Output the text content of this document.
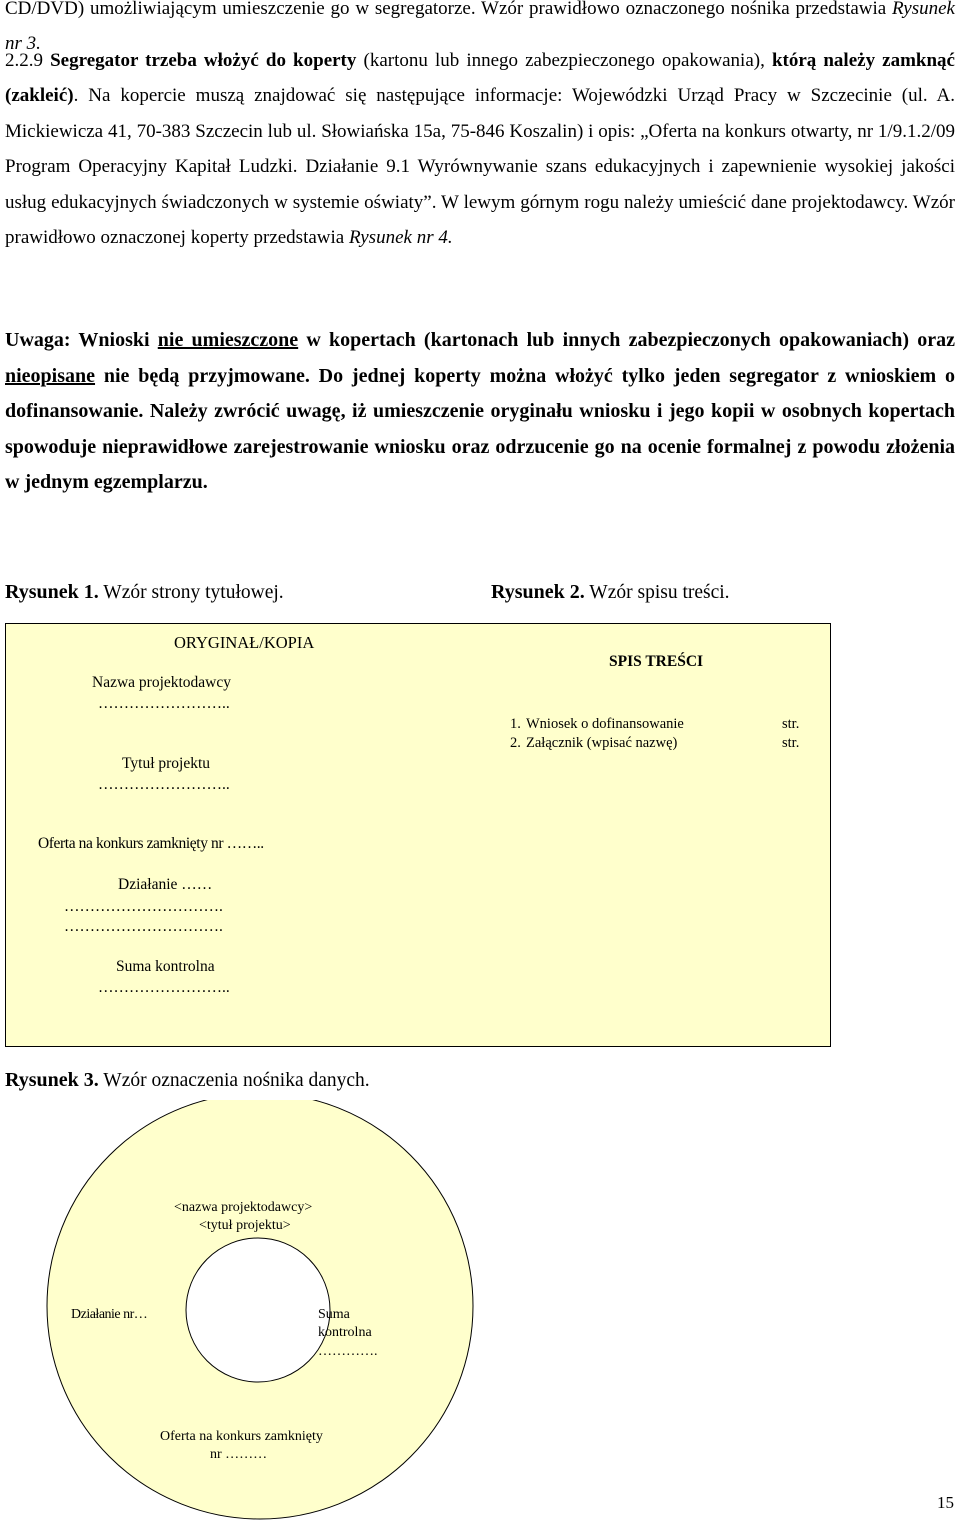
CD/DVD) umożliwiającym umieszczenie go w segregatorze. Wzór prawidłowo oznaczonego nośnika przedstawia Rysunek nr 3.
2.2.9 Segregator trzeba włożyć do koperty (kartonu lub innego zabezpieczonego opakowania), którą należy zamknąć (zakleić). Na kopercie muszą znajdować się następujące informacje: Wojewódzki Urząd Pracy w Szczecinie (ul. A. Mickiewicza 41, 70-383 Szczecin lub ul. Słowiańska 15a, 75-846 Koszalin) i opis: „Oferta na konkurs otwarty, nr 1/9.1.2/09 Program Operacyjny Kapitał Ludzki. Działanie 9.1 Wyrównywanie szans edukacyjnych i zapewnienie wysokiej jakości usług edukacyjnych świadczonych w systemie oświaty”. W lewym górnym rogu należy umieścić dane projektodawcy. Wzór prawidłowo oznaczonej koperty przedstawia Rysunek nr 4.
Uwaga: Wnioski nie umieszczone w kopertach (kartonach lub innych zabezpieczonych opakowaniach) oraz nieopisane nie będą przyjmowane. Do jednej koperty można włożyć tylko jeden segregator z wnioskiem o dofinansowanie. Należy zwrócić uwagę, iż umieszczenie oryginału wniosku i jego kopii w osobnych kopertach spowoduje nieprawidłowe zarejestrowanie wniosku oraz odrzucenie go na ocenie formalnej z powodu złożenia w jednym egzemplarzu.
Rysunek 1. Wzór strony tytułowej.	Rysunek 2. Wzór spisu treści.
ORYGINAŁ/KOPIA
Nazwa projektodawcy
……………………..
Tytuł projektu
……………………..
Oferta na konkurs zamknięty nr ……..
Działanie ……
………………………….
………………………….
Suma kontrolna
……………………..
SPIS TREŚCI
1. Wniosek o dofinansowanie	str.
2. Załącznik (wpisać nazwę)	str.
Rysunek 3. Wzór oznaczenia nośnika danych.
<nazwa projektodawcy>
<tytuł projektu>
Działanie nr…	Suma
kontrolna
………….
Oferta na konkurs zamknięty
nr ………
15
